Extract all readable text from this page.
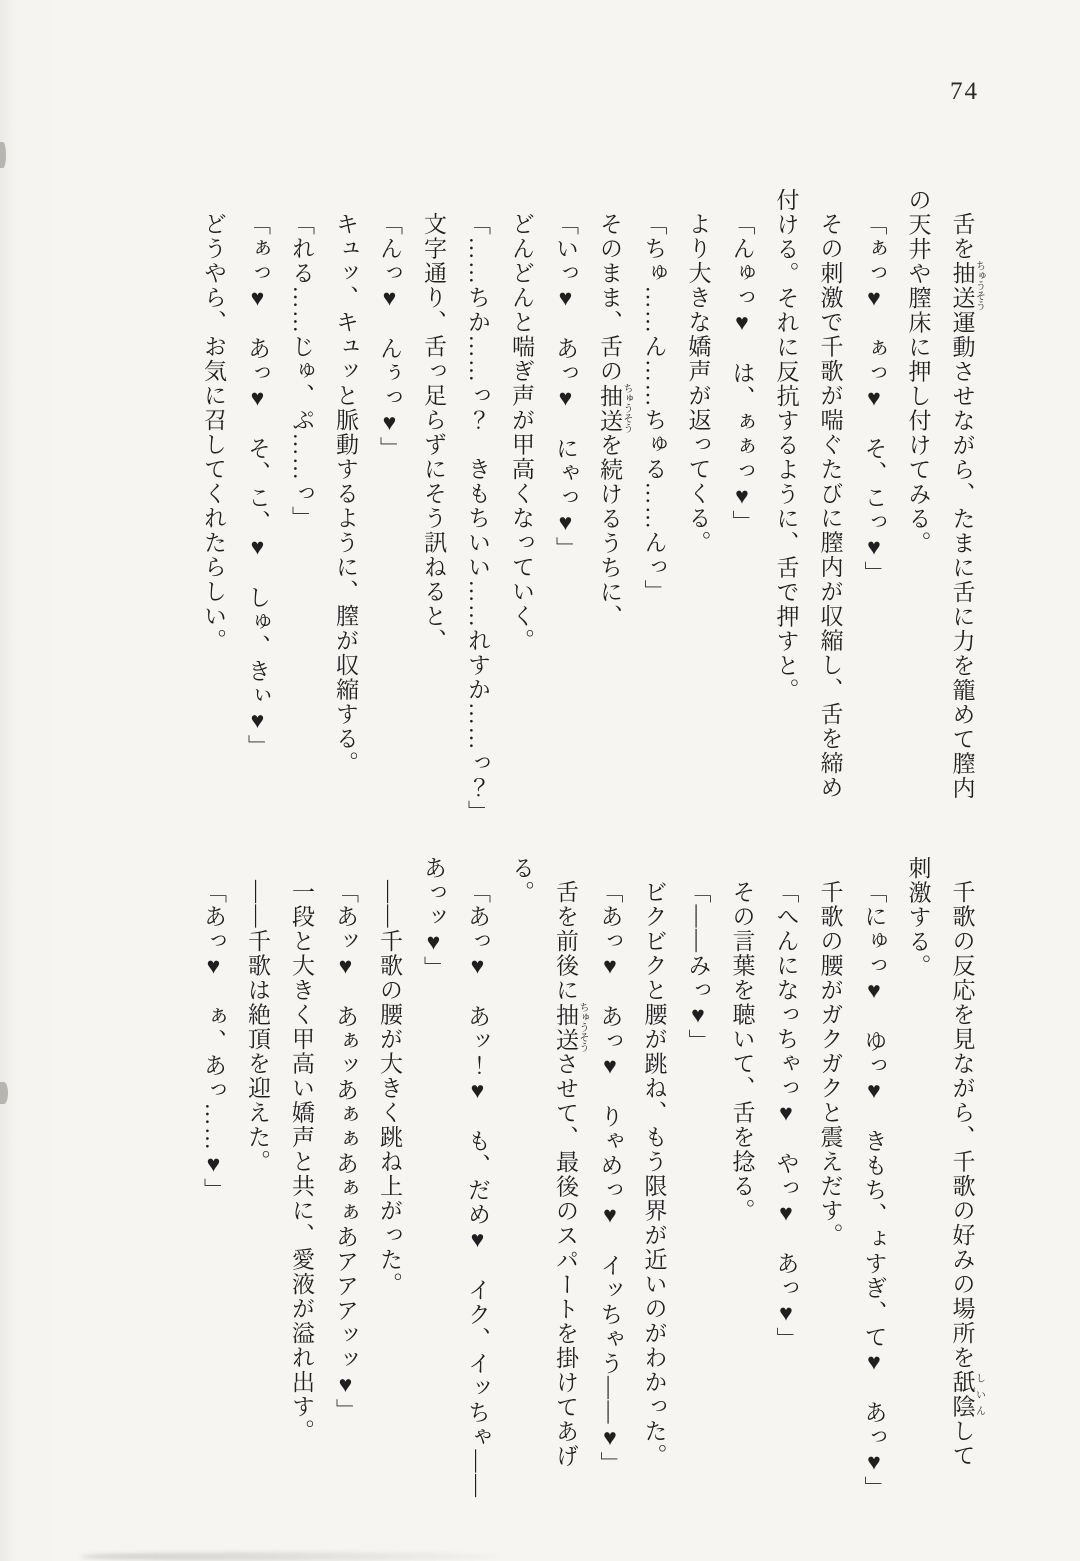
74
舌を抽送 ちゅうそう運動させながら、たまに舌に力を籠めて膣内
の天井や膣床に押し付けてみる。
「ぁっ♥　ぁっ♥　そ、こっ♥」
その刺激で千歌が喘ぐたびに膣内が収縮し、舌を締め
付ける。それに反抗するように、舌で押すと。
「んゅっ♥　は、ぁぁっ♥」
より大きな嬌声が返ってくる。
「ちゅ……ん……ちゅる……んっ」
そのまま、舌の抽送 ちゅうそうを続けるうちに、
「いっ♥　あっ♥　にゃっ♥」
どんどんと喘ぎ声が甲高くなっていく。
「……ちか……っ？　きもちいい……れすか……っ？」
文字通り、舌っ足らずにそう訊ねると、
「んっ♥　んぅっ♥」
キュッ、キュッと脈動するように、膣が収縮する。
「れる……じゅ、ぷ……っ」
「ぁっ♥　あっ♥　そ、こ、♥　しゅ、きぃ♥」
どうやら、お気に召してくれたらしい。
千歌の反応を見ながら、千歌の好みの場所を舐陰 しいんして
刺激する。
「にゅっ♥　ゆっ♥　きもち、ょすぎ、て♥　あっ♥」
千歌の腰がガクガクと震えだす。
「へんになっちゃっ♥　やっ♥　あっ♥」
その言葉を聴いて、舌を捻る。
「――みっ♥」
ビクビクと腰が跳ね、もう限界が近いのがわかった。
「あっ♥　あっ♥　りゃめっ♥　イッちゃう――♥」
舌を前後に抽送 ちゅうそうさせて、最後のスパートを掛けてあげ
る。
「あっ♥　あッ！♥　も、だめ♥　イク、イッちゃ――
あっッ♥」
――千歌の腰が大きく跳ね上がった。
「あッ♥　あぁッあぁぁあぁぁあアアアッッ♥」
一段と大きく甲高い嬌声と共に、愛液が溢れ出す。
――千歌は絶頂を迎えた。
「あっ♥　ぁ、あっ……♥」
